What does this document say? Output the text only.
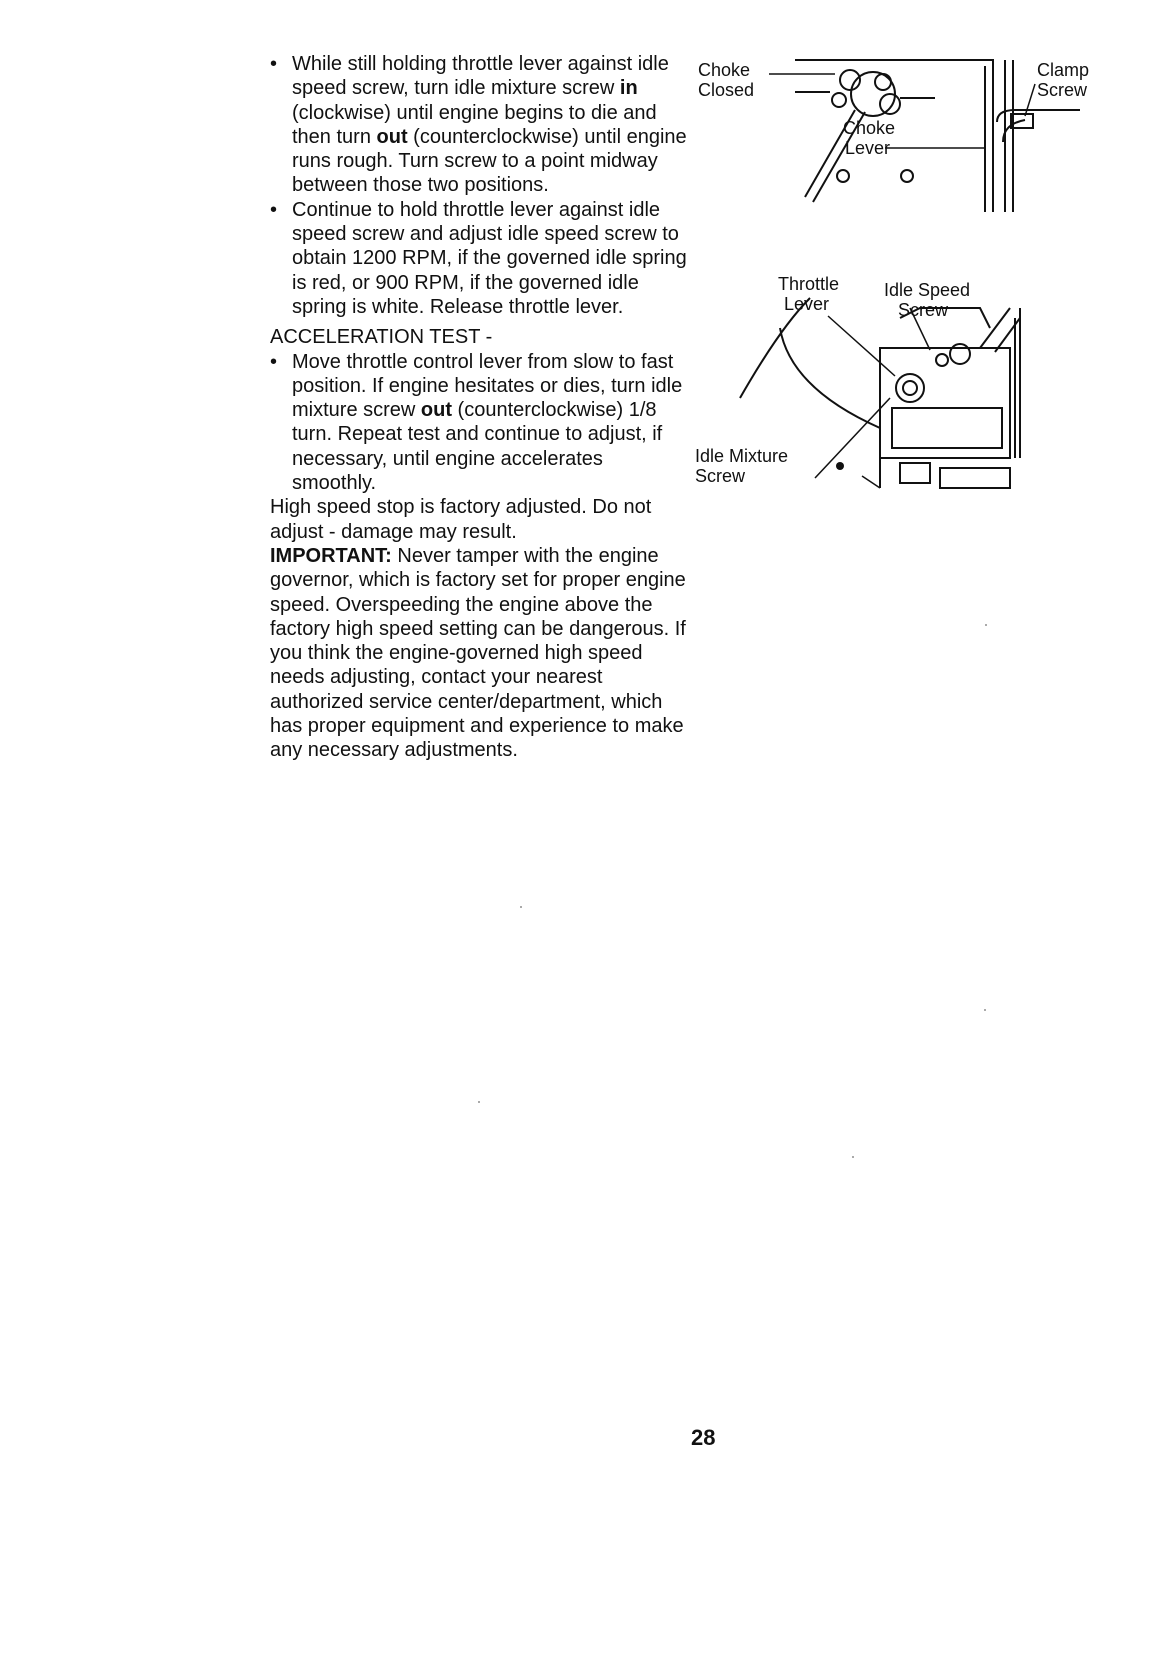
• While still holding throttle lever against idle speed screw, turn idle mixture screw in (clockwise) until engine begins to die and then turn out (counterclockwise) until engine runs rough. Turn screw to a point midway between those two positions.

• Continue to hold throttle lever against idle speed screw and adjust idle speed screw to obtain 1200 RPM, if the governed idle spring is red, or 900 RPM, if the governed idle spring is white. Release throttle lever.

ACCELERATION TEST -

• Move throttle control lever from slow to fast position. If engine hesitates or dies, turn idle mixture screw out (counterclockwise) 1/8 turn. Repeat test and continue to adjust, if necessary, until engine accelerates smoothly.

High speed stop is factory adjusted. Do not adjust - damage may result.

IMPORTANT: Never tamper with the engine governor, which is factory set for proper engine speed. Overspeeding the engine above the factory high speed setting can be dangerous. If you think the engine-governed high speed needs adjusting, contact your nearest authorized service center/department, which has proper equipment and experience to make any necessary adjustments.

Choke
Closed
Choke
Lever
Clamp
Screw
Throttle
Lever
Idle Speed
Screw
Idle Mixture
Screw
28
